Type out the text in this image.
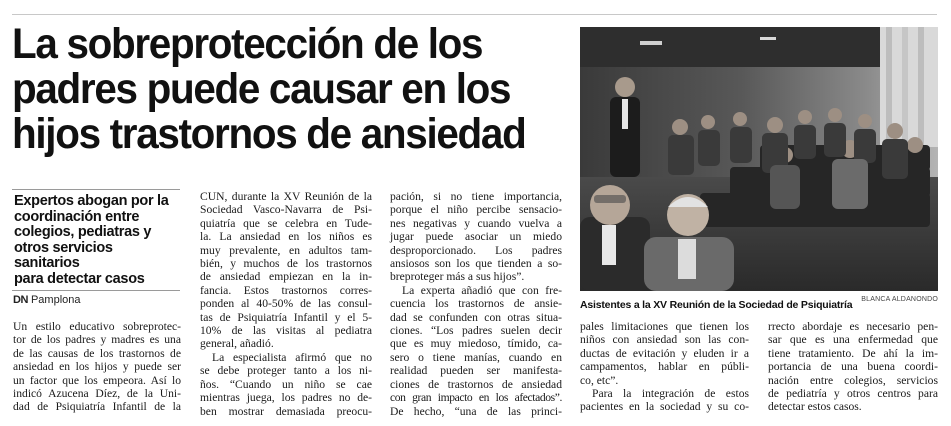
La sobreprotección de los
padres puede causar en los
hijos trastornos de ansiedad
Expertos abogan por la
coordinación entre
colegios, pediatras y
otros servicios sanitarios
para detectar casos
DN Pamplona
Un estilo educativo sobreprotec-
tor de los padres y madres es una
de las causas de los trastornos de
ansiedad en los hijos y puede ser
un factor que los empeora. Así lo
indicó Azucena Díez, de la Uni-
dad de Psiquiatría Infantil de la
CUN, durante la XV Reunión de la
Sociedad Vasco-Navarra de Psi-
quiatría que se celebra en Tude-
la. La ansiedad en los niños es
muy prevalente, en adultos tam-
bién, y muchos de los trastornos
de ansiedad empiezan en la in-
fancia. Estos trastornos corres-
ponden al 40-50% de las consul-
tas de Psiquiatría Infantil y el 5-
10% de las visitas al pediatra
general, añadió.
La especialista afirmó que no
se debe proteger tanto a los ni-
ños. “Cuando un niño se cae
mientras juega, los padres no de-
ben mostrar demasiada preocu-
pación, si no tiene importancia,
porque el niño percibe sensacio-
nes negativas y cuando vuelva a
jugar puede asociar un miedo
desproporcionado. Los padres
ansiosos son los que tienden a so-
breproteger más a sus hijos”.
La experta añadió que con fre-
cuencia los trastornos de ansie-
dad se confunden con otras situa-
ciones. “Los padres suelen decir
que es muy miedoso, tímido, ca-
sero o tiene manías, cuando en
realidad pueden ser manifesta-
ciones de trastornos de ansiedad
con gran impacto en los afectados”.
De hecho, “una de las princi-
Asistentes a la XV Reunión de la Sociedad de Psiquiatría BLANCA ALDANONDO
pales limitaciones que tienen los
niños con ansiedad son las con-
ductas de evitación y eluden ir a
campamentos, hablar en públi-
co, etc”.
Para la integración de estos
pacientes en la sociedad y su co-
rrecto abordaje es necesario pen-
sar que es una enfermedad que
tiene tratamiento. De ahí la im-
portancia de una buena coordi-
nación entre colegios, servicios
de pediatría y otros centros para
detectar estos casos.
